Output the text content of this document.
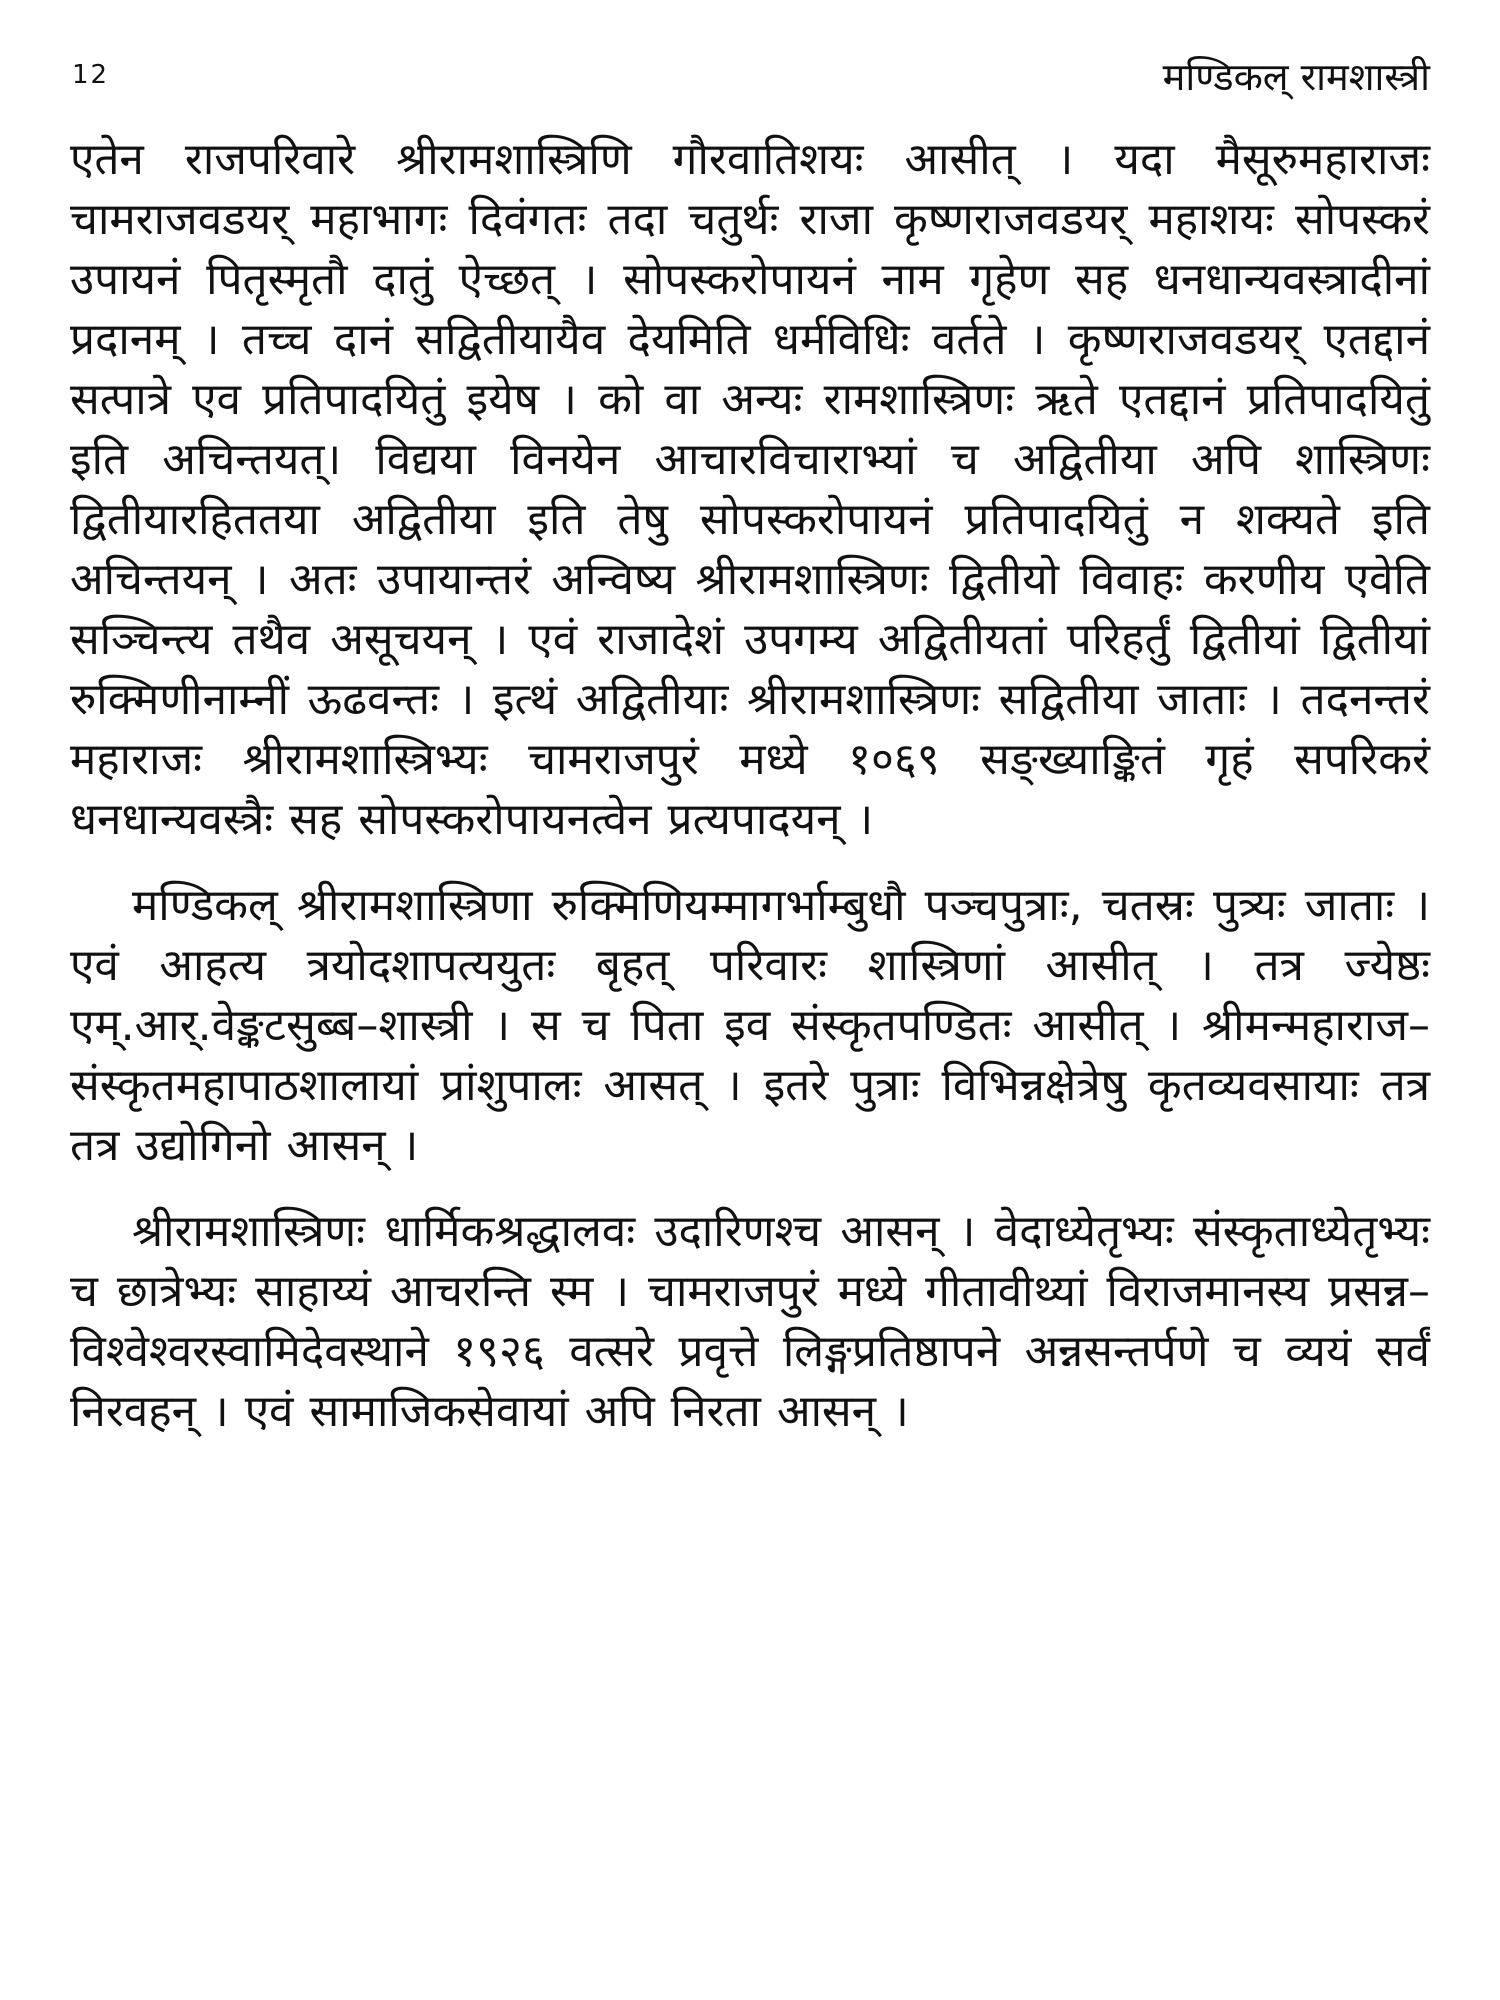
12	मण्डिकल् रामशास्त्री

एतेन राजपरिवारे श्रीरामशास्त्रिणि गौरवातिशयः आसीत् । यदा मैसूरुमहाराजः चामराजवडयर् महाभागः दिवंगतः तदा चतुर्थः राजा कृष्णराजवडयर् महाशयः सोपस्करं उपायनं पितृस्मृतौ दातुं ऐच्छत् । सोपस्करोपायनं नाम गृहेण सह धनधान्यवस्त्रादीनां प्रदानम् । तच्च दानं सद्वितीयायैव देयमिति धर्मविधिः वर्तते । कृष्णराजवडयर् एतद्दानं सत्पात्रे एव प्रतिपादयितुं इयेष । को वा अन्यः रामशास्त्रिणः ऋते एतद्दानं प्रतिपादयितुं इति अचिन्तयत्। विद्यया विनयेन आचारविचाराभ्यां च अद्वितीया अपि शास्त्रिणः द्वितीयारहिततया अद्वितीया इति तेषु सोपस्करोपायनं प्रतिपादयितुं न शक्यते इति अचिन्तयन् । अतः उपायान्तरं अन्विष्य श्रीरामशास्त्रिणः द्वितीयो विवाहः करणीय एवेति सञ्चिन्त्य तथैव असूचयन् । एवं राजादेशं उपगम्य अद्वितीयतां परिहर्तुं द्वितीयां द्वितीयां रुक्मिणीनाम्नीं ऊढवन्तः । इत्थं अद्वितीयाः श्रीरामशास्त्रिणः सद्वितीया जाताः । तदनन्तरं महाराजः श्रीरामशास्त्रिभ्यः चामराजपुरं मध्ये १०६९ सङ्ख्याङ्कितं गृहं सपरिकरं धनधान्यवस्त्रैः सह सोपस्करोपायनत्वेन प्रत्यपादयन् ।

मण्डिकल् श्रीरामशास्त्रिणा रुक्मिणियम्मागर्भाम्बुधौ पञ्चपुत्राः, चतस्रः पुत्र्यः जाताः । एवं आहत्य त्रयोदशापत्ययुतः बृहत् परिवारः शास्त्रिणां आसीत् । तत्र ज्येष्ठः एम्.आर्.वेङ्कटसुब्ब–शास्त्री । स च पिता इव संस्कृतपण्डितः आसीत् । श्रीमन्महाराज–संस्कृतमहापाठशालायां प्रांशुपालः आसत् । इतरे पुत्राः विभिन्नक्षेत्रेषु कृतव्यवसायाः तत्र तत्र उद्योगिनो आसन् ।

श्रीरामशास्त्रिणः धार्मिकश्रद्धालवः उदारिणश्च आसन् । वेदाध्येतृभ्यः संस्कृताध्येतृभ्यः च छात्रेभ्यः साहाय्यं आचरन्ति स्म । चामराजपुरं मध्ये गीतावीथ्यां विराजमानस्य प्रसन्न–विश्वेश्वरस्वामिदेवस्थाने १९२६ वत्सरे प्रवृत्ते लिङ्गप्रतिष्ठापने अन्नसन्तर्पणे च व्ययं सर्वं निरवहन् । एवं सामाजिकसेवायां अपि निरता आसन् ।
